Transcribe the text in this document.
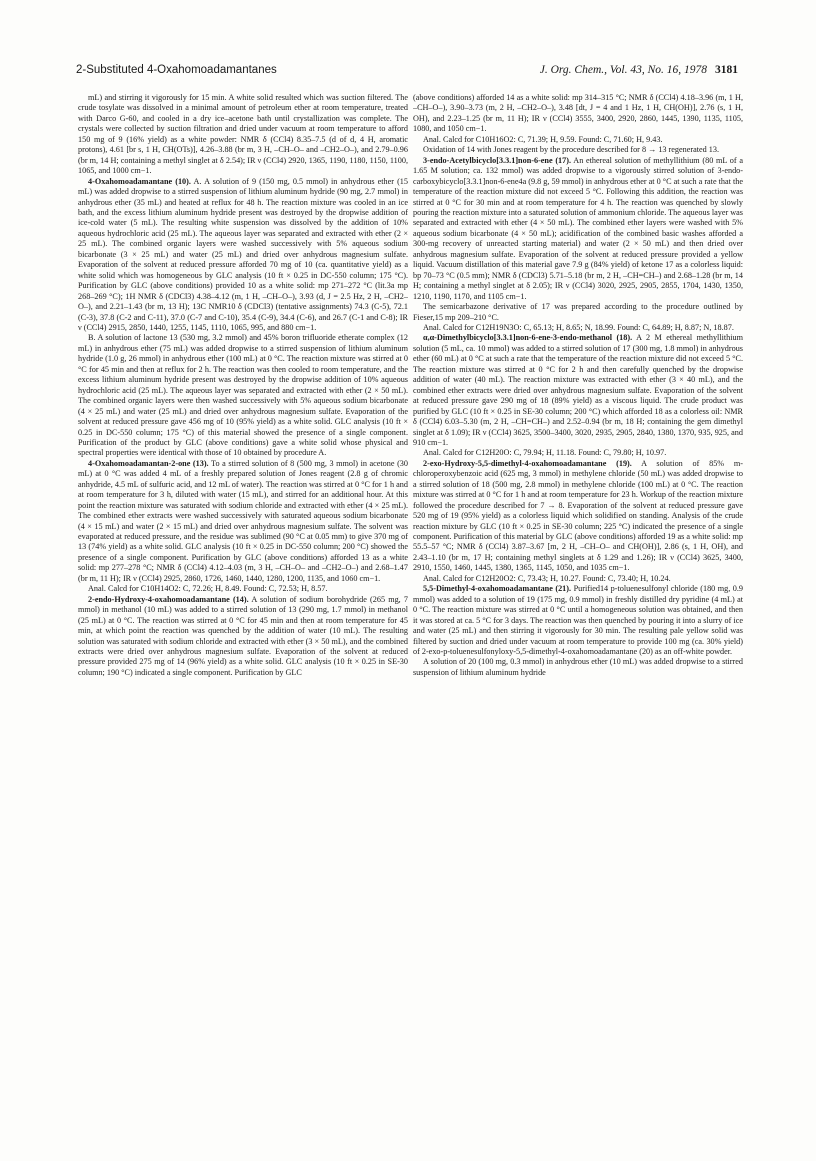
2-Substituted 4-Oxahomoadamantanes	J. Org. Chem., Vol. 43, No. 16, 1978 3181

mL) and stirring it vigorously for 15 min. A white solid resulted which was suction filtered. The crude tosylate was dissolved in a minimal amount of petroleum ether at room temperature, treated with Darco G-60, and cooled in a dry ice–acetone bath until crystallization was complete. The crystals were collected by suction filtration and dried under vacuum at room temperature to afford 150 mg of 9 (16% yield) as a white powder: NMR δ (CCl4) 8.35–7.5 (d of d, 4 H, aromatic protons), 4.61 [br s, 1 H, CH(OTs)], 4.26–3.88 (br m, 3 H, –CH–O– and –CH2–O–), and 2.79–0.96 (br m, 14 H; containing a methyl singlet at δ 2.54); IR ν (CCl4) 2920, 1365, 1190, 1180, 1150, 1100, 1065, and 1000 cm−1.

4-Oxahomoadamantane (10). A. A solution of 9 (150 mg, 0.5 mmol) in anhydrous ether (15 mL) was added dropwise to a stirred suspension of lithium aluminum hydride (90 mg, 2.7 mmol) in anhydrous ether (35 mL) and heated at reflux for 48 h. The reaction mixture was cooled in an ice bath, and the excess lithium aluminum hydride present was destroyed by the dropwise addition of ice-cold water (5 mL). The resulting white suspension was dissolved by the addition of 10% aqueous hydrochloric acid (25 mL). The aqueous layer was separated and extracted with ether (2 × 25 mL). The combined organic layers were washed successively with 5% aqueous sodium bicarbonate (3 × 25 mL) and water (25 mL) and dried over anhydrous magnesium sulfate. Evaporation of the solvent at reduced pressure afforded 70 mg of 10 (ca. quantitative yield) as a white solid which was homogeneous by GLC analysis (10 ft × 0.25 in DC-550 column; 175 °C). Purification by GLC (above conditions) provided 10 as a white solid: mp 271–272 °C (lit.3a mp 268–269 °C); 1H NMR δ (CDCl3) 4.38–4.12 (m, 1 H, –CH–O–), 3.93 (d, J = 2.5 Hz, 2 H, –CH2–O–), and 2.21–1.43 (br m, 13 H); 13C NMR10 δ (CDCl3) (tentative assignments) 74.3 (C-5), 72.1 (C-3), 37.8 (C-2 and C-11), 37.0 (C-7 and C-10), 35.4 (C-9), 34.4 (C-6), and 26.7 (C-1 and C-8); IR ν (CCl4) 2915, 2850, 1440, 1255, 1145, 1110, 1065, 995, and 880 cm−1.

B. A solution of lactone 13 (530 mg, 3.2 mmol) and 45% boron trifluoride etherate complex (12 mL) in anhydrous ether (75 mL) was added dropwise to a stirred suspension of lithium aluminum hydride (1.0 g, 26 mmol) in anhydrous ether (100 mL) at 0 °C. The reaction mixture was stirred at 0 °C for 45 min and then at reflux for 2 h. The reaction was then cooled to room temperature, and the excess lithium aluminum hydride present was destroyed by the dropwise addition of 10% aqueous hydrochloric acid (25 mL). The aqueous layer was separated and extracted with ether (2 × 50 mL). The combined organic layers were then washed successively with 5% aqueous sodium bicarbonate (4 × 25 mL) and water (25 mL) and dried over anhydrous magnesium sulfate. Evaporation of the solvent at reduced pressure gave 456 mg of 10 (95% yield) as a white solid. GLC analysis (10 ft × 0.25 in DC-550 column; 175 °C) of this material showed the presence of a single component. Purification of the product by GLC (above conditions) gave a white solid whose physical and spectral properties were identical with those of 10 obtained by procedure A.

4-Oxahomoadamantan-2-one (13). To a stirred solution of 8 (500 mg, 3 mmol) in acetone (30 mL) at 0 °C was added 4 mL of a freshly prepared solution of Jones reagent (2.8 g of chromic anhydride, 4.5 mL of sulfuric acid, and 12 mL of water). The reaction was stirred at 0 °C for 1 h and at room temperature for 3 h, diluted with water (15 mL), and stirred for an additional hour. At this point the reaction mixture was saturated with sodium chloride and extracted with ether (4 × 25 mL). The combined ether extracts were washed successively with saturated aqueous sodium bicarbonate (4 × 15 mL) and water (2 × 15 mL) and dried over anhydrous magnesium sulfate. The solvent was evaporated at reduced pressure, and the residue was sublimed (90 °C at 0.05 mm) to give 370 mg of 13 (74% yield) as a white solid. GLC analysis (10 ft × 0.25 in DC-550 column; 200 °C) showed the presence of a single component. Purification by GLC (above conditions) afforded 13 as a white solid: mp 277–278 °C; NMR δ (CCl4) 4.12–4.03 (m, 3 H, –CH–O– and –CH2–O–) and 2.68–1.47 (br m, 11 H); IR ν (CCl4) 2925, 2860, 1726, 1460, 1440, 1280, 1200, 1135, and 1060 cm−1.

Anal. Calcd for C10H14O2: C, 72.26; H, 8.49. Found: C, 72.53; H, 8.57.

2-endo-Hydroxy-4-oxahomoadamantane (14). A solution of sodium borohydride (265 mg, 7 mmol) in methanol (10 mL) was added to a stirred solution of 13 (290 mg, 1.7 mmol) in methanol (25 mL) at 0 °C. The reaction was stirred at 0 °C for 45 min and then at room temperature for 45 min, at which point the reaction was quenched by the addition of water (10 mL). The resulting solution was saturated with sodium chloride and extracted with ether (3 × 50 mL), and the combined extracts were dried over anhydrous magnesium sulfate. Evaporation of the solvent at reduced pressure provided 275 mg of 14 (96% yield) as a white solid. GLC analysis (10 ft × 0.25 in SE-30 column; 190 °C) indicated a single component. Purification by GLC

(above conditions) afforded 14 as a white solid: mp 314–315 °C; NMR δ (CCl4) 4.18–3.96 (m, 1 H, –CH–O–), 3.90–3.73 (m, 2 H, –CH2–O–), 3.48 [dt, J = 4 and 1 Hz, 1 H, CH(OH)], 2.76 (s, 1 H, OH), and 2.23–1.25 (br m, 11 H); IR ν (CCl4) 3555, 3400, 2920, 2860, 1445, 1390, 1135, 1105, 1080, and 1050 cm−1.

Anal. Calcd for C10H16O2: C, 71.39; H, 9.59. Found: C, 71.60; H, 9.43.

Oxidation of 14 with Jones reagent by the procedure described for 8 → 13 regenerated 13.

3-endo-Acetylbicyclo[3.3.1]non-6-ene (17). An ethereal solution of methyllithium (80 mL of a 1.65 M solution; ca. 132 mmol) was added dropwise to a vigorously stirred solution of 3-endo-carboxybicyclo[3.3.1]non-6-ene4a (9.8 g, 59 mmol) in anhydrous ether at 0 °C at such a rate that the temperature of the reaction mixture did not exceed 5 °C. Following this addition, the reaction was stirred at 0 °C for 30 min and at room temperature for 4 h. The reaction was quenched by slowly pouring the reaction mixture into a saturated solution of ammonium chloride. The aqueous layer was separated and extracted with ether (4 × 50 mL). The combined ether layers were washed with 5% aqueous sodium bicarbonate (4 × 50 mL); acidification of the combined basic washes afforded a 300-mg recovery of unreacted starting material) and water (2 × 50 mL) and then dried over anhydrous magnesium sulfate. Evaporation of the solvent at reduced pressure provided a yellow liquid. Vacuum distillation of this material gave 7.9 g (84% yield) of ketone 17 as a colorless liquid: bp 70–73 °C (0.5 mm); NMR δ (CDCl3) 5.71–5.18 (br m, 2 H, –CH=CH–) and 2.68–1.28 (br m, 14 H; containing a methyl singlet at δ 2.05); IR ν (CCl4) 3020, 2925, 2905, 2855, 1704, 1430, 1350, 1210, 1190, 1170, and 1105 cm−1.

The semicarbazone derivative of 17 was prepared according to the procedure outlined by Fieser,15 mp 209–210 °C.

Anal. Calcd for C12H19N3O: C, 65.13; H, 8.65; N, 18.99. Found: C, 64.89; H, 8.87; N, 18.87.

α,α-Dimethylbicyclo[3.3.1]non-6-ene-3-endo-methanol (18). A 2 M ethereal methyllithium solution (5 mL, ca. 10 mmol) was added to a stirred solution of 17 (300 mg, 1.8 mmol) in anhydrous ether (60 mL) at 0 °C at such a rate that the temperature of the reaction mixture did not exceed 5 °C. The reaction mixture was stirred at 0 °C for 2 h and then carefully quenched by the dropwise addition of water (40 mL). The reaction mixture was extracted with ether (3 × 40 mL), and the combined ether extracts were dried over anhydrous magnesium sulfate. Evaporation of the solvent at reduced pressure gave 290 mg of 18 (89% yield) as a viscous liquid. The crude product was purified by GLC (10 ft × 0.25 in SE-30 column; 200 °C) which afforded 18 as a colorless oil: NMR δ (CCl4) 6.03–5.30 (m, 2 H, –CH=CH–) and 2.52–0.94 (br m, 18 H; containing the gem dimethyl singlet at δ 1.09); IR ν (CCl4) 3625, 3500–3400, 3020, 2935, 2905, 2840, 1380, 1370, 935, 925, and 910 cm−1.

Anal. Calcd for C12H20O: C, 79.94; H, 11.18. Found: C, 79.80; H, 10.97.

2-exo-Hydroxy-5,5-dimethyl-4-oxahomoadamantane (19). A solution of 85% m-chloroperoxybenzoic acid (625 mg, 3 mmol) in methylene chloride (50 mL) was added dropwise to a stirred solution of 18 (500 mg, 2.8 mmol) in methylene chloride (100 mL) at 0 °C. The reaction mixture was stirred at 0 °C for 1 h and at room temperature for 23 h. Workup of the reaction mixture followed the procedure described for 7 → 8. Evaporation of the solvent at reduced pressure gave 520 mg of 19 (95% yield) as a colorless liquid which solidified on standing. Analysis of the crude reaction mixture by GLC (10 ft × 0.25 in SE-30 column; 225 °C) indicated the presence of a single component. Purification of this material by GLC (above conditions) afforded 19 as a white solid: mp 55.5–57 °C; NMR δ (CCl4) 3.87–3.67 [m, 2 H, –CH–O– and CH(OH)], 2.86 (s, 1 H, OH), and 2.43–1.10 (br m, 17 H; containing methyl singlets at δ 1.29 and 1.26); IR ν (CCl4) 3625, 3400, 2910, 1550, 1460, 1445, 1380, 1365, 1145, 1050, and 1035 cm−1.

Anal. Calcd for C12H20O2: C, 73.43; H, 10.27. Found: C, 73.40; H, 10.24.

5,5-Dimethyl-4-oxahomoadamantane (21). Purified14 p-toluenesulfonyl chloride (180 mg, 0.9 mmol) was added to a solution of 19 (175 mg, 0.9 mmol) in freshly distilled dry pyridine (4 mL) at 0 °C. The reaction mixture was stirred at 0 °C until a homogeneous solution was obtained, and then it was stored at ca. 5 °C for 3 days. The reaction was then quenched by pouring it into a slurry of ice and water (25 mL) and then stirring it vigorously for 30 min. The resulting pale yellow solid was filtered by suction and dried under vacuum at room temperature to provide 100 mg (ca. 30% yield) of 2-exo-p-toluenesulfonyloxy-5,5-dimethyl-4-oxahomoadamantane (20) as an off-white powder.

A solution of 20 (100 mg, 0.3 mmol) in anhydrous ether (10 mL) was added dropwise to a stirred suspension of lithium aluminum hydride
